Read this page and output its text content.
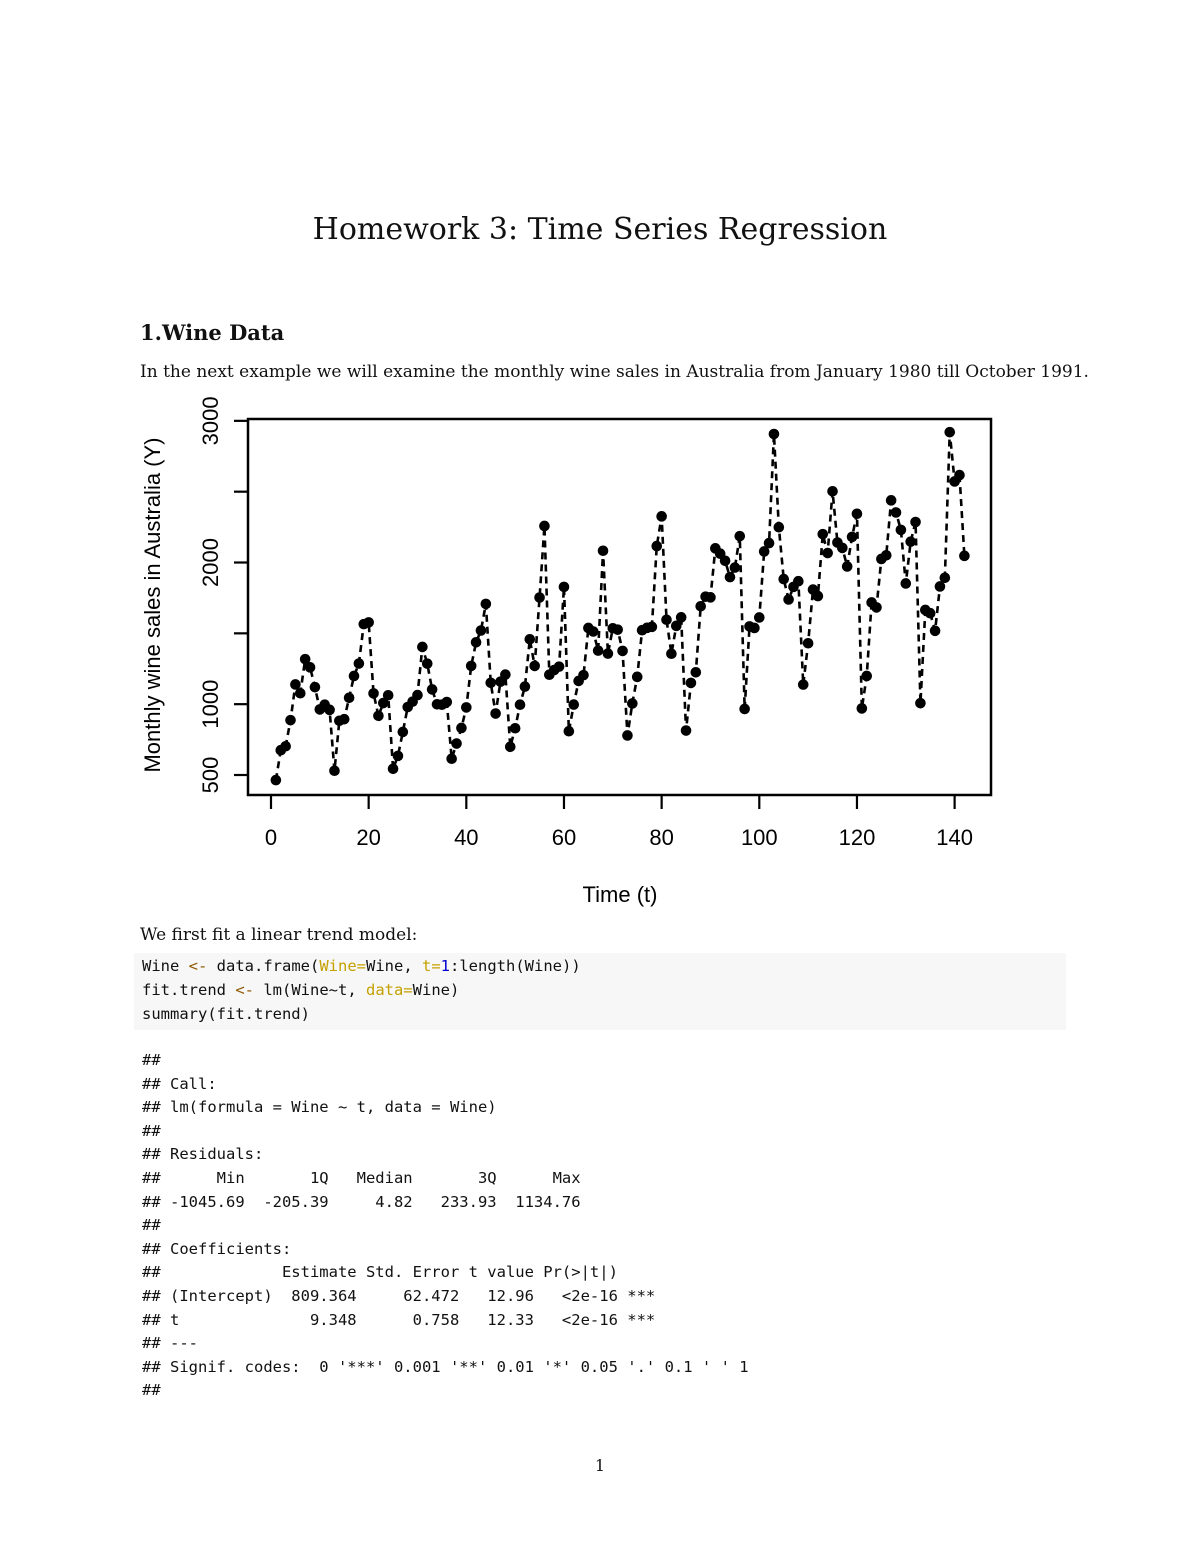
Homework 3: Time Series Regression
1.Wine Data

In the next example we will examine the monthly wine sales in Australia from January 1980 till October 1991.

500
1000
2000
3000
0	20	40	60	80	100	120	140
Time (t)
Monthly wine sales in Australia (Y)

We first fit a linear trend model:

Wine <- data.frame(Wine=Wine, t=1:length(Wine))
fit.trend <- lm(Wine~t, data=Wine)
summary(fit.trend)
##
## Call:
## lm(formula = Wine ~ t, data = Wine)
##
## Residuals:
##      Min       1Q   Median       3Q      Max
## -1045.69  -205.39     4.82   233.93  1134.76
##
## Coefficients:
##             Estimate Std. Error t value Pr(>|t|)
## (Intercept)  809.364     62.472   12.96   <2e-16 ***
## t              9.348      0.758   12.33   <2e-16 ***
## ---
## Signif. codes:  0 '***' 0.001 '**' 0.01 '*' 0.05 '.' 0.1 ' ' 1
##
1
